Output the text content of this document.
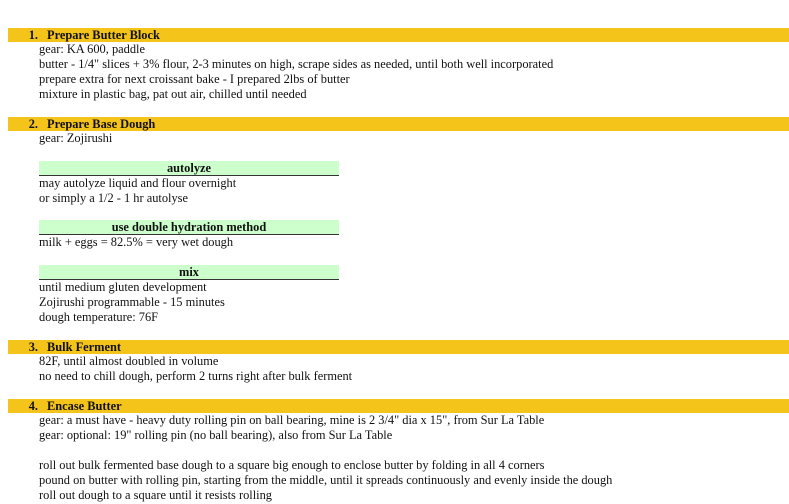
1. Prepare Butter Block
gear: KA 600, paddle
butter - 1/4" slices + 3% flour, 2-3 minutes on high, scrape sides as needed, until both well incorporated
prepare extra for next croissant bake - I prepared 2lbs of butter
mixture in plastic bag, pat out air, chilled until needed
2. Prepare Base Dough
gear: Zojirushi
autolyze
may autolyze liquid and flour overnight
or simply a 1/2 - 1 hr autolyse
use double hydration method
milk + eggs = 82.5% = very wet dough
mix
until medium gluten development
Zojirushi programmable - 15 minutes
dough temperature: 76F
3. Bulk Ferment
82F, until almost doubled in volume
no need to chill dough, perform 2 turns right after bulk ferment
4. Encase Butter
gear: a must have - heavy duty rolling pin on ball bearing, mine is 2 3/4" dia x 15", from Sur La Table
gear: optional: 19" rolling pin (no ball bearing), also from Sur La Table
roll out bulk fermented base dough to a square big enough to enclose butter by folding in all 4 corners
pound on butter with rolling pin, starting from the middle, until it spreads continuously and evenly inside the dough
roll out dough to a square until it resists rolling
